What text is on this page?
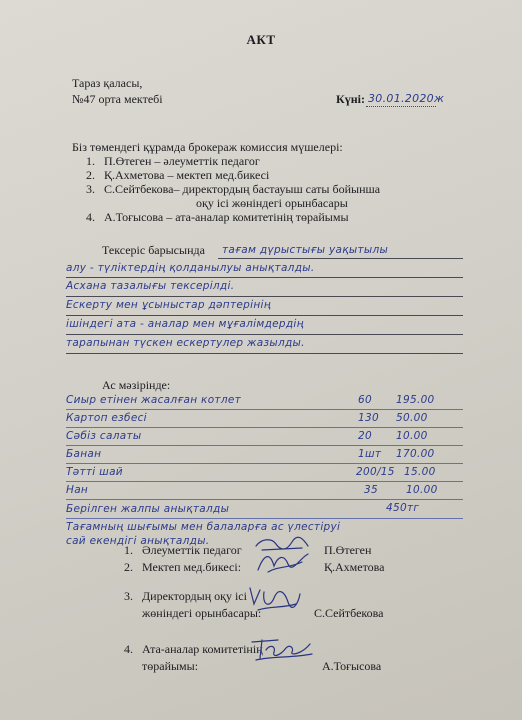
АКТ
Тараз қаласы,
№47 орта мектебі	Күні: 30.01.2020ж
Біз төмендегі құрамда брокераж комиссия мүшелері:
1. П.Өтеген – әлеуметтік педагог
2. Қ.Ахметова – мектеп мед.бикесі
3. С.Сейтбекова– директордың бастауыш саты бойынша
оқу ісі жөніндегі орынбасары
4. А.Тоғысова – ата-аналар комитетінің төрайымы
Тексеріс барысында тағам дүрыстығы уақытылы
алу - түліктердің қолданылуы анықталды.
Асхана тазалығы тексерілді.
Ескерту мен ұсыныстар дәптерінің
ішіндегі ата - аналар мен мұғалімдердің
тарапынан түскен ескертулер жазылды.
Ас мәзірінде:
Сиыр етінен жасалған котлет	60 195.00
Картоп езбесі	130 50.00
Сәбіз салаты	20 10.00
Банан	1шт 170.00
Тәтті шай	200/15 15.00
Нан	35	10.00
Берілген жалпы анықталды	450тг
Тағамның шығымы мен балаларға ас үлестіруі
сай екендігі анықталды.
1. Әлеуметтік педагог	П.Өтеген
2. Мектеп мед.бикесі:	Қ.Ахметова
3. Директордың оқу ісі
жөніндегі орынбасары:	С.Сейтбекова
4. Ата-аналар комитетінің
төрайымы:	А.Тоғысова
